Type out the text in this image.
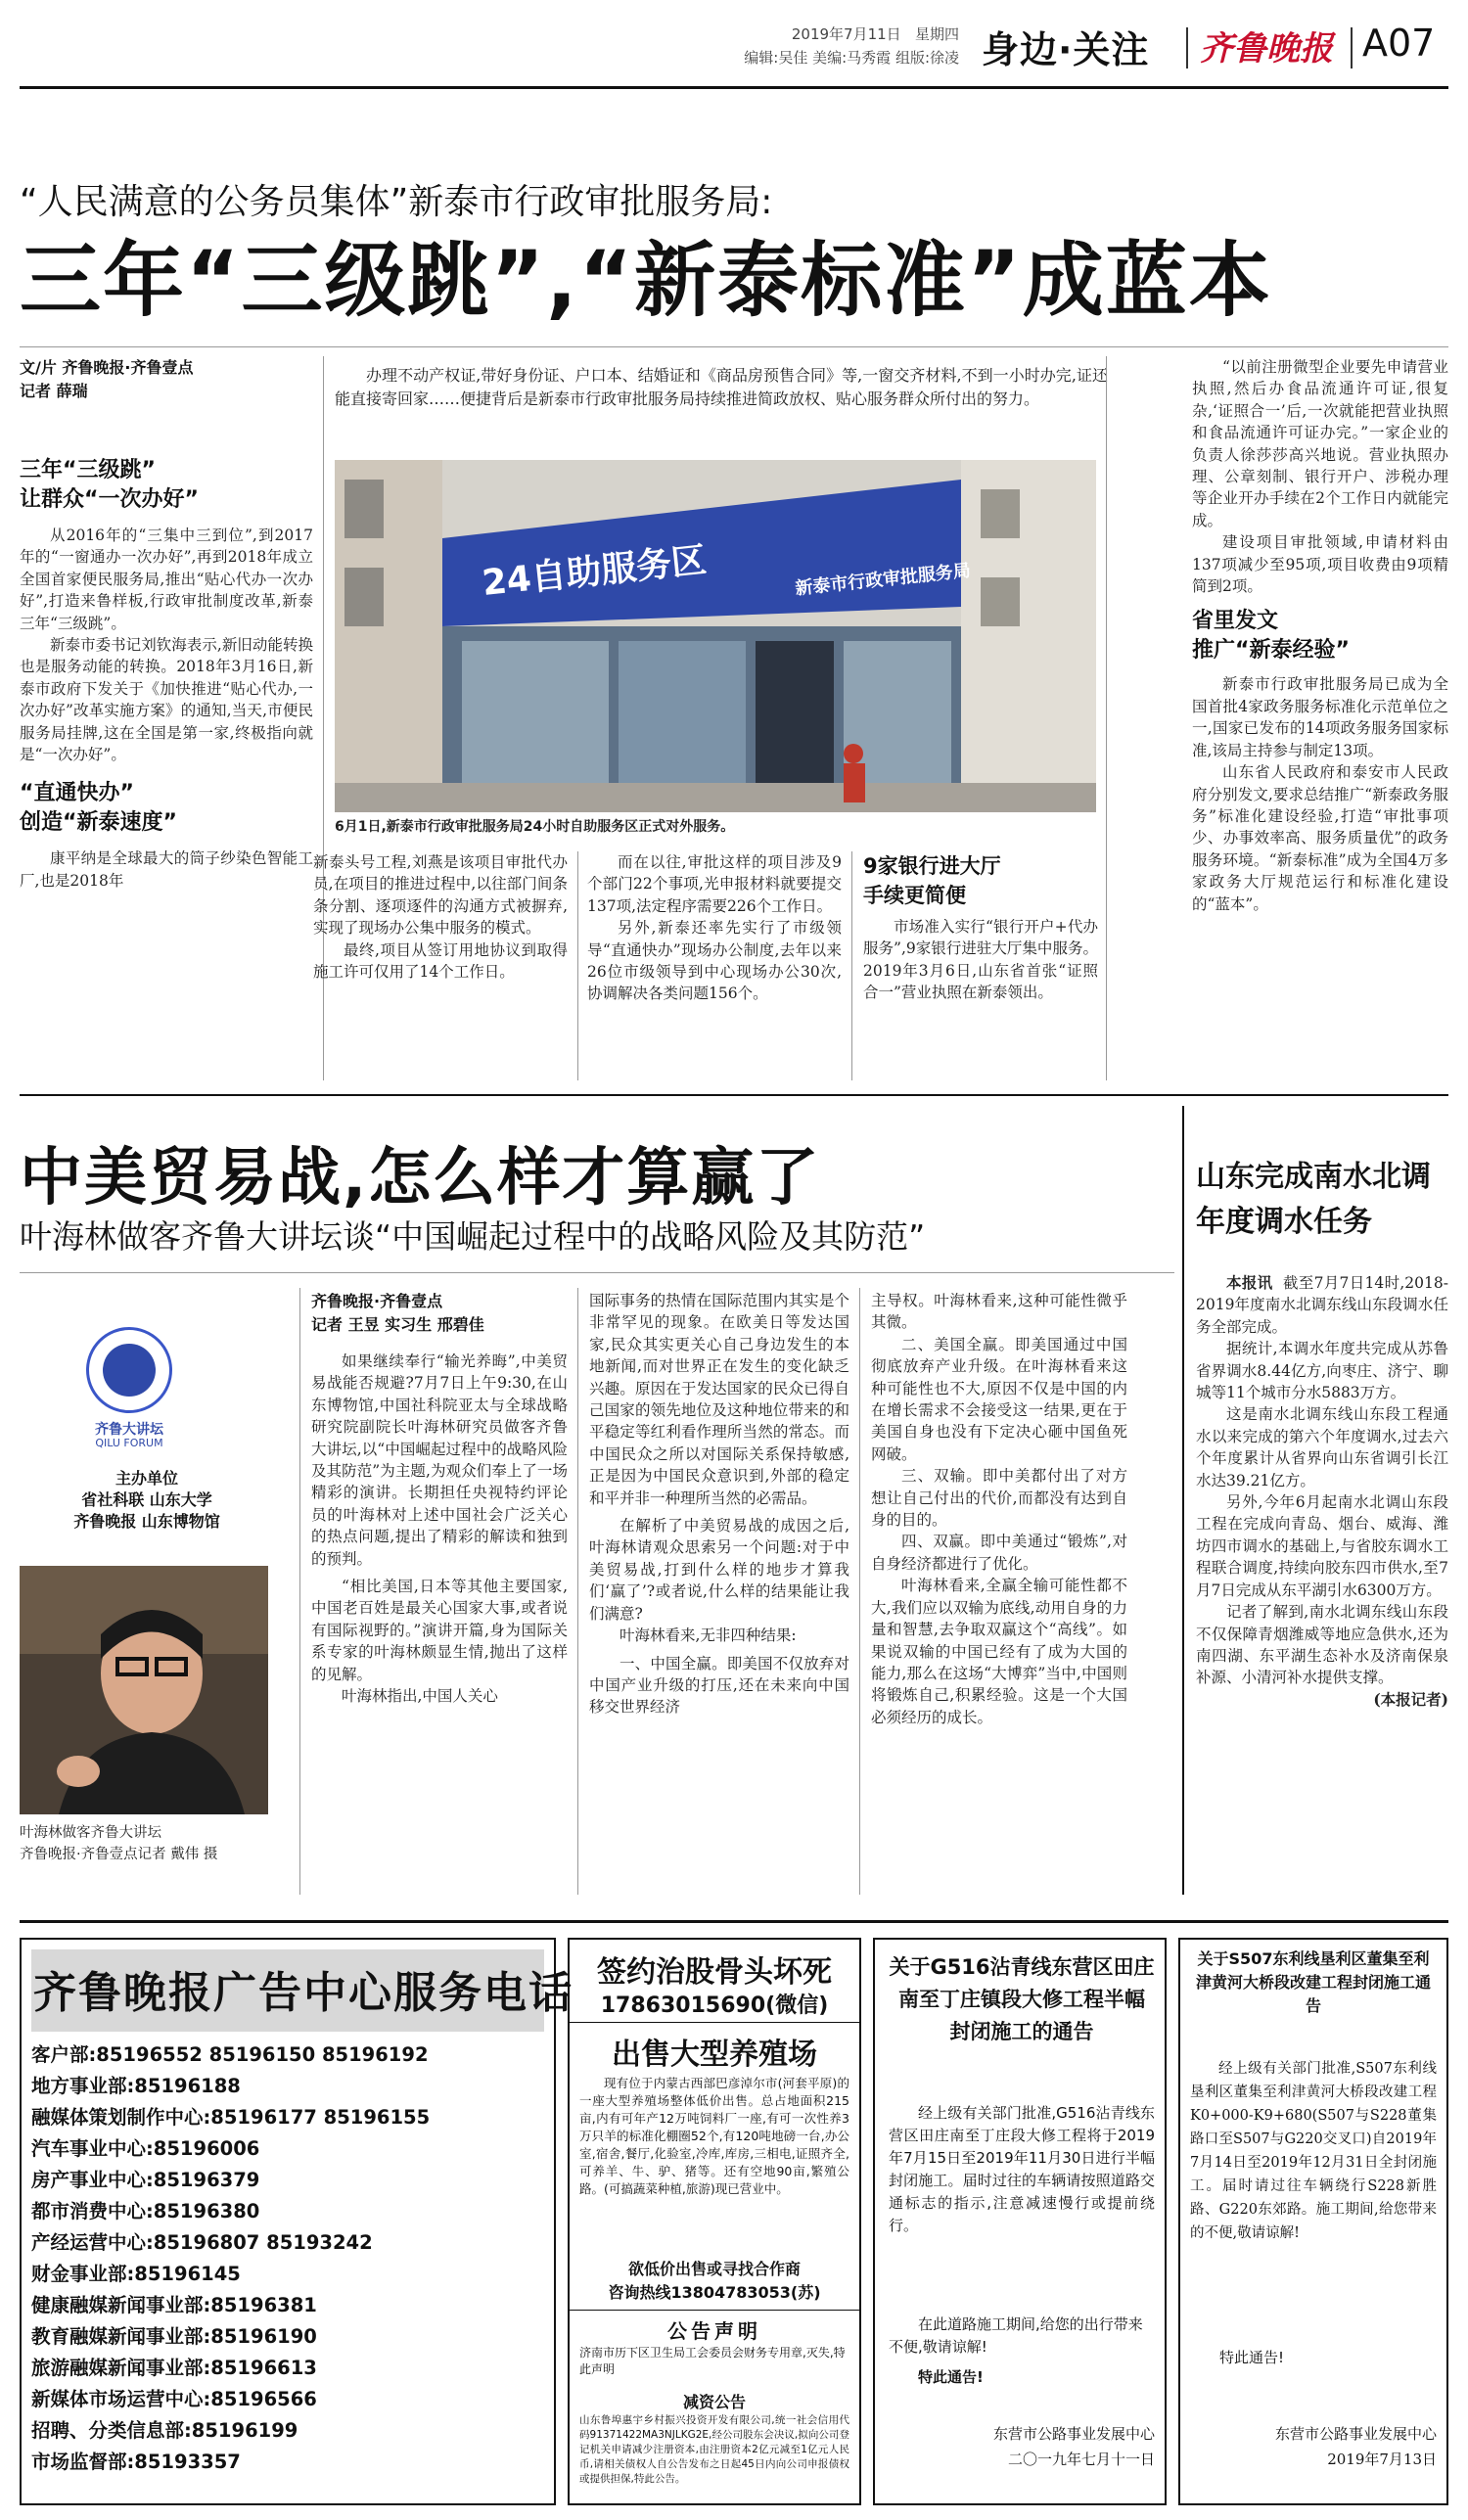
2019年7月11日 星期四
编辑:吴佳 美编:马秀霞 组版:徐凌 身边·关注 齐鲁晚报 A07
“人民满意的公务员集体”新泰市行政审批服务局:
三年“三级跳”,“新泰标准”成蓝本
文/片 齐鲁晚报·齐鲁壹点
记者 薛瑞
三年“三级跳”
让群众“一次办好”

从2016年的“三集中三到位”,到2017年的“一窗通办一次办好”,再到2018年成立全国首家便民服务局,推出“贴心代办一次办好”,打造来鲁样板,行政审批制度改革,新泰三年“三级跳”。

新泰市委书记刘钦海表示,新旧动能转换也是服务动能的转换。2018年3月16日,新泰市政府下发关于《加快推进“贴心代办,一次办好”改革实施方案》的通知,当天,市便民服务局挂牌,这在全国是第一家,终极指向就是“一次办好”。

“直通快办”
创造“新泰速度”

康平纳是全球最大的筒子纱染色智能工厂,也是2018年

办理不动产权证,带好身份证、户口本、结婚证和《商品房预售合同》等,一窗交齐材料,不到一小时办完,证还能直接寄回家……便捷背后是新泰市行政审批服务局持续推进简政放权、贴心服务群众所付出的努力。

24自助服务区	新泰市行政审批服务局
6月1日,新泰市行政审批服务局24小时自助服务区正式对外服务。

新泰头号工程,刘燕是该项目审批代办员,在项目的推进过程中,以往部门间条条分割、逐项逐件的沟通方式被摒弃,实现了现场办公集中服务的模式。

最终,项目从签订用地协议到取得施工许可仅用了14个工作日。

而在以往,审批这样的项目涉及9个部门22个事项,光申报材料就要提交137项,法定程序需要226个工作日。

另外,新泰还率先实行了市级领导“直通快办”现场办公制度,去年以来26位市级领导到中心现场办公30次,协调解决各类问题156个。

9家银行进大厅
手续更简便

市场准入实行“银行开户+代办服务”,9家银行进驻大厅集中服务。2019年3月6日,山东省首张“证照合一”营业执照在新泰领出。

“以前注册微型企业要先申请营业执照,然后办食品流通许可证,很复杂,‘证照合一’后,一次就能把营业执照和食品流通许可证办完。”一家企业的负责人徐莎莎高兴地说。营业执照办理、公章刻制、银行开户、涉税办理等企业开办手续在2个工作日内就能完成。

建设项目审批领域,申请材料由137项减少至95项,项目收费由9项精简到2项。

省里发文
推广“新泰经验”

新泰市行政审批服务局已成为全国首批4家政务服务标准化示范单位之一,国家已发布的14项政务服务国家标准,该局主持参与制定13项。

山东省人民政府和泰安市人民政府分别发文,要求总结推广“新泰政务服务”标准化建设经验,打造“审批事项少、办事效率高、服务质量优”的政务服务环境。“新泰标准”成为全国4万多家政务大厅规范运行和标准化建设的“蓝本”。

中美贸易战,怎么样才算赢了
叶海林做客齐鲁大讲坛谈“中国崛起过程中的战略风险及其防范”
齐鲁大讲坛
QILU FORUM
主办单位
省社科联 山东大学
齐鲁晚报 山东博物馆
叶海林做客齐鲁大讲坛
齐鲁晚报·齐鲁壹点记者 戴伟 摄
齐鲁晚报·齐鲁壹点
记者 王昱 实习生 邢碧佳

如果继续奉行“输光养晦”,中美贸易战能否规避?7月7日上午9:30,在山东博物馆,中国社科院亚太与全球战略研究院副院长叶海林研究员做客齐鲁大讲坛,以“中国崛起过程中的战略风险及其防范”为主题,为观众们奉上了一场精彩的演讲。长期担任央视特约评论员的叶海林对上述中国社会广泛关心的热点问题,提出了精彩的解读和独到的预判。

“相比美国,日本等其他主要国家,中国老百姓是最关心国家大事,或者说有国际视野的。”演讲开篇,身为国际关系专家的叶海林颇显生情,抛出了这样的见解。

叶海林指出,中国人关心

国际事务的热情在国际范围内其实是个非常罕见的现象。在欧美日等发达国家,民众其实更关心自己身边发生的本地新闻,而对世界正在发生的变化缺乏兴趣。原因在于发达国家的民众已得自己国家的领先地位及这种地位带来的和平稳定等红利看作理所当然的常态。而中国民众之所以对国际关系保持敏感,正是因为中国民众意识到,外部的稳定和平并非一种理所当然的必需品。

在解析了中美贸易战的成因之后,叶海林请观众思索另一个问题:对于中美贸易战,打到什么样的地步才算我们‘赢了’?或者说,什么样的结果能让我们满意?

叶海林看来,无非四种结果:

一、中国全赢。即美国不仅放弃对中国产业升级的打压,还在未来向中国移交世界经济

主导权。叶海林看来,这种可能性微乎其微。

二、美国全赢。即美国通过中国彻底放弃产业升级。在叶海林看来这种可能性也不大,原因不仅是中国的内在增长需求不会接受这一结果,更在于美国自身也没有下定决心砸中国鱼死网破。

三、双输。即中美都付出了对方想让自己付出的代价,而都没有达到自身的目的。

四、双赢。即中美通过“锻炼”,对自身经济都进行了优化。

叶海林看来,全赢全输可能性都不大,我们应以双输为底线,动用自身的力量和智慧,去争取双赢这个“高线”。如果说双输的中国已经有了成为大国的能力,那么在这场“大博弈”当中,中国则将锻炼自己,积累经验。这是一个大国必须经历的成长。

山东完成南水北调
年度调水任务

本报讯 截至7月7日14时,2018-2019年度南水北调东线山东段调水任务全部完成。

据统计,本调水年度共完成从苏鲁省界调水8.44亿方,向枣庄、济宁、聊城等11个城市分水5883万方。

这是南水北调东线山东段工程通水以来完成的第六个年度调水,过去六个年度累计从省界向山东省调引长江水达39.21亿方。

另外,今年6月起南水北调山东段工程在完成向青岛、烟台、威海、潍坊四市调水的基础上,与省胶东调水工程联合调度,持续向胶东四市供水,至7月7日完成从东平湖引水6300万方。

记者了解到,南水北调东线山东段不仅保障青烟潍威等地应急供水,还为南四湖、东平湖生态补水及济南保泉补源、小清河补水提供支撑。

(本报记者)

齐鲁晚报广告中心服务电话
客户部:85196552 85196150 85196192
地方事业部:85196188
融媒体策划制作中心:85196177 85196155
汽车事业中心:85196006
房产事业中心:85196379
都市消费中心:85196380
产经运营中心:85196807 85193242
财金事业部:85196145
健康融媒新闻事业部:85196381
教育融媒新闻事业部:85196190
旅游融媒新闻事业部:85196613
新媒体市场运营中心:85196566
招聘、分类信息部:85196199
市场监督部:85193357
签约治股骨头坏死
17863015690(微信)
出售大型养殖场

现有位于内蒙古西部巴彦淖尔市(河套平原)的一座大型养殖场整体低价出售。总占地面积215亩,内有可年产12万吨饲料厂一座,有可一次性养3万只羊的标准化棚圈52个,有120吨地磅一台,办公室,宿舍,餐厅,化验室,冷库,库房,三相电,证照齐全,可养羊、牛、驴、猪等。还有空地90亩,繁殖公路。(可搞蔬菜种植,旅游)现已营业中。

欲低价出售或寻找合作商
咨询热线13804783053(苏)
公告声明

济南市历下区卫生局工会委员会财务专用章,灭失,特此声明

减资公告

山东鲁埠惠宇乡村振兴投资开发有限公司,统一社会信用代码91371422MA3NJLKG2E,经公司股东会决议,拟向公司登记机关申请减少注册资本,由注册资本2亿元减至1亿元人民币,请相关债权人自公告发布之日起45日内向公司申报债权或提供担保,特此公告。

关于G516沾青线东营区田庄南至丁庄镇段大修工程半幅封闭施工的通告

经上级有关部门批准,G516沾青线东营区田庄南至丁庄段大修工程将于2019年7月15日至2019年11月30日进行半幅封闭施工。届时过往的车辆请按照道路交通标志的指示,注意减速慢行或提前绕行。

在此道路施工期间,给您的出行带来不便,敬请谅解!

特此通告!
东营市公路事业发展中心
二〇一九年七月十一日
关于S507东利线垦利区董集至利津黄河大桥段改建工程封闭施工通告

经上级有关部门批准,S507东利线垦利区董集至利津黄河大桥段改建工程K0+000-K9+680(S507与S228董集路口至S507与G220交叉口)自2019年7月14日至2019年12月31日全封闭施工。届时请过往车辆绕行S228新胜路、G220东郊路。施工期间,给您带来的不便,敬请谅解!

特此通告!
东营市公路事业发展中心
2019年7月13日
